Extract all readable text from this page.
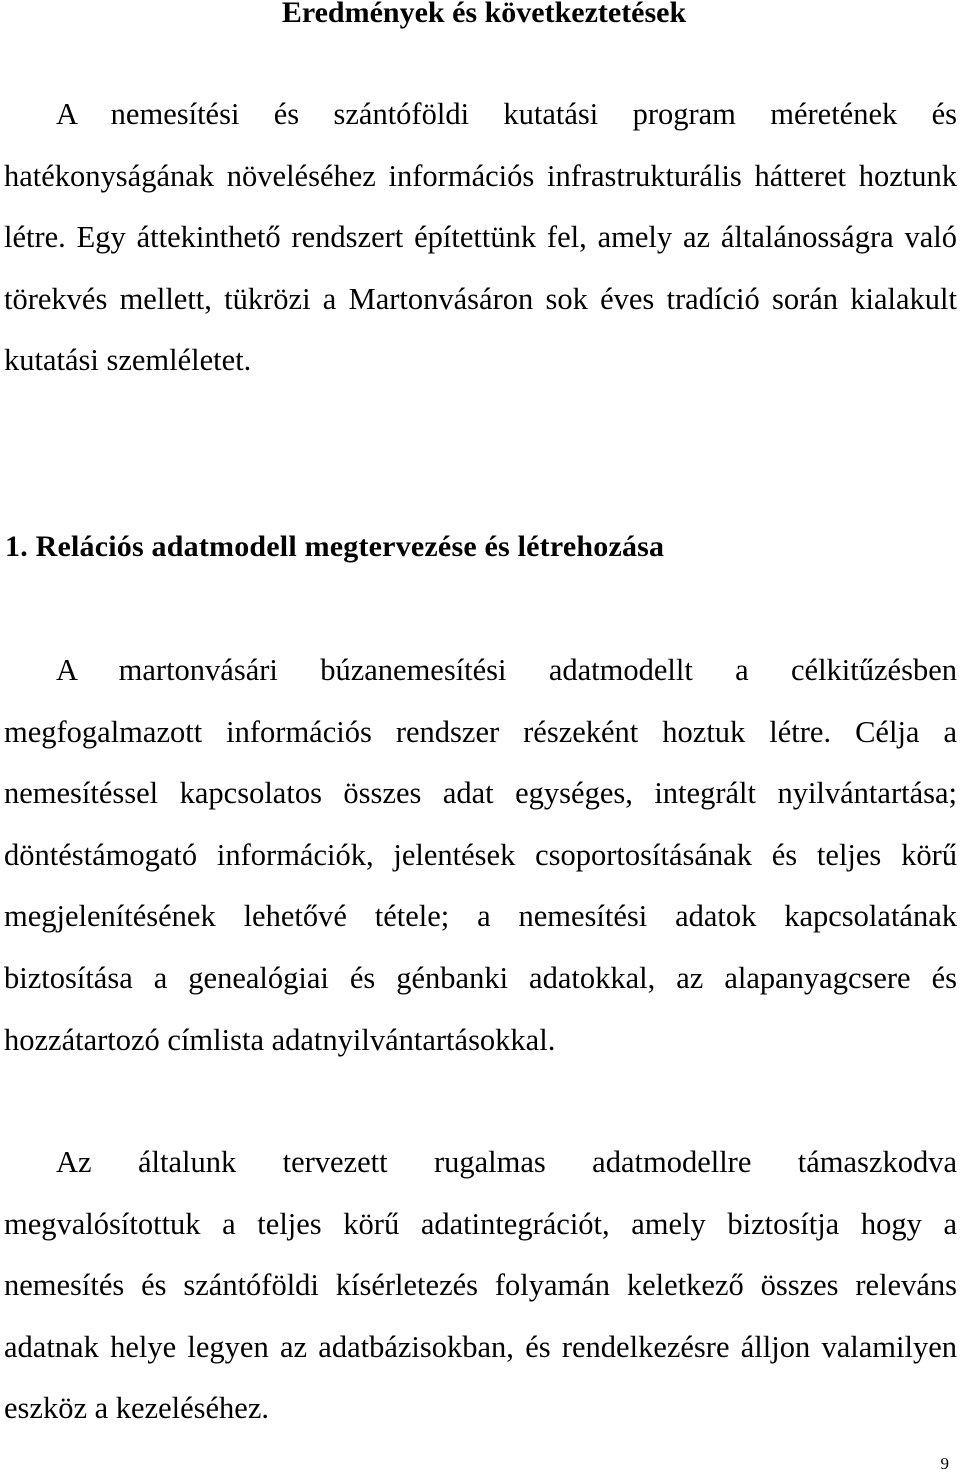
Eredmények és következtetések

A nemesítési és szántóföldi kutatási program méretének és hatékonyságának növeléséhez információs infrastrukturális hátteret hoztunk létre. Egy áttekinthető rendszert építettünk fel, amely az általánosságra való törekvés mellett, tükrözi a Martonvásáron sok éves tradíció során kialakult kutatási szemléletet.

1. Relációs adatmodell megtervezése és létrehozása

A martonvásári búzanemesítési adatmodellt a célkitűzésben megfogalmazott információs rendszer részeként hoztuk létre. Célja a nemesítéssel kapcsolatos összes adat egységes, integrált nyilvántartása; döntéstámogató információk, jelentések csoportosításának és teljes körű megjelenítésének lehetővé tétele; a nemesítési adatok kapcsolatának biztosítása a genealógiai és génbanki adatokkal, az alapanyagcsere és hozzátartozó címlista adatnyilvántartásokkal.

Az általunk tervezett rugalmas adatmodellre támaszkodva megvalósítottuk a teljes körű adatintegrációt, amely biztosítja hogy a nemesítés és szántóföldi kísérletezés folyamán keletkező összes releváns adatnak helye legyen az adatbázisokban, és rendelkezésre álljon valamilyen eszköz a kezeléséhez.

9
